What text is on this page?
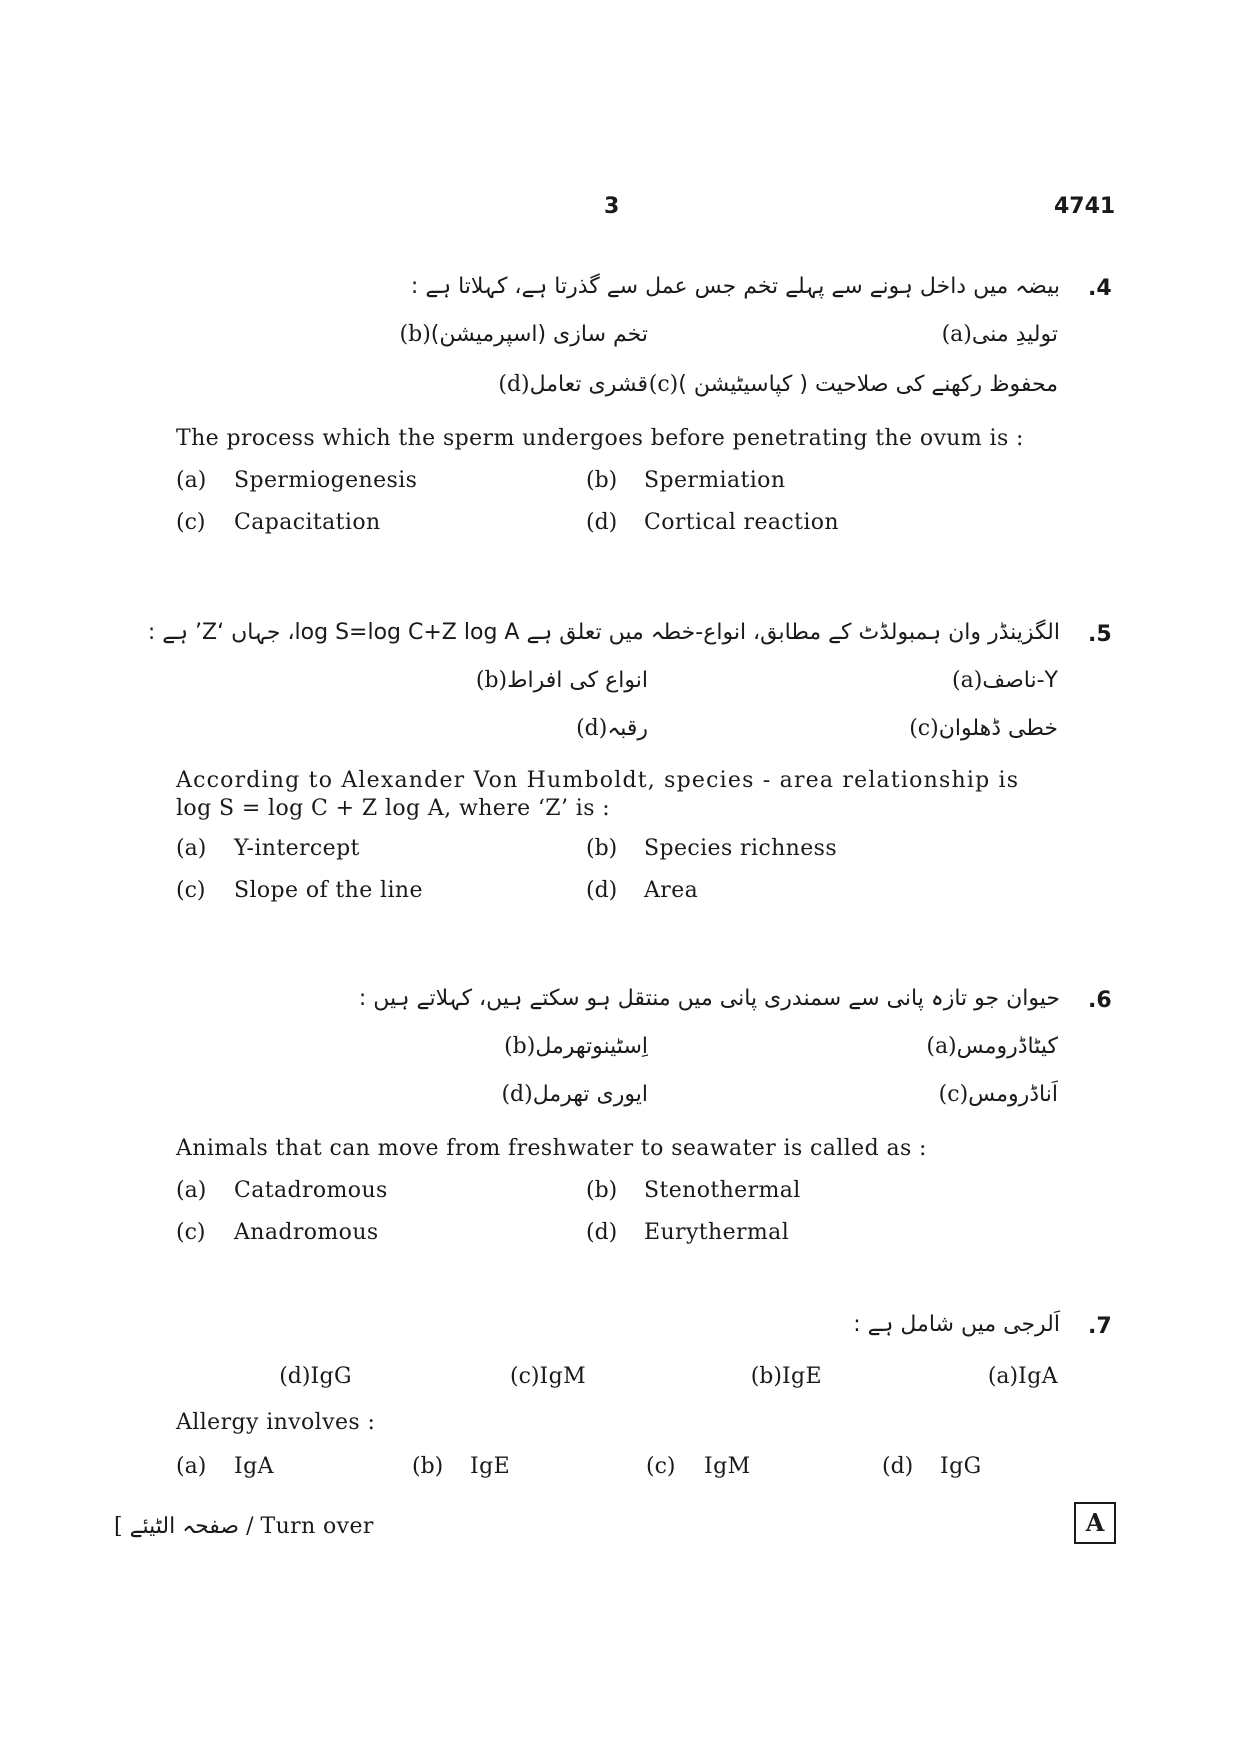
3	4741
.4
بیضہ میں داخل ہونے سے پہلے تخم جس عمل سے گذرتا ہے، کہلاتا ہے :
(a) تولیدِ منی
(b) تخم سازی (اسپرمیشن)
(c) محفوظ رکھنے کی صلاحیت ( کپاسیٹیشن )
(d) قشری تعامل
The process which the sperm undergoes before penetrating the ovum is :
(a) Spermiogenesis	(b) Spermiation
(c) Capacitation	(d) Cortical reaction
.5
الگزینڈر وان ہمبولڈٹ کے مطابق، انواع-خطہ میں تعلق ہے log S=log C+Z log A، جہاں ‘Z’ ہے :
(a) Y-ناصف
(b) انواع کی افراط
(c) خطی ڈھلوان
(d) رقبہ
According to Alexander Von Humboldt, species - area relationship is
log S = log C + Z log A, where ‘Z’ is :
(a) Y-intercept	(b) Species richness
(c) Slope of the line	(d) Area
.6
حیوان جو تازہ پانی سے سمندری پانی میں منتقل ہو سکتے ہیں، کہلاتے ہیں :
(a) کیٹاڈرومس
(b) اِسٹینوتھرمل
(c) اَناڈرومس
(d) ایوری تھرمل
Animals that can move from freshwater to seawater is called as :
(a) Catadromous	(b) Stenothermal
(c) Anadromous	(d) Eurythermal
.7
اَلرجی میں شامل ہے :
(a) IgA
(b) IgE
(c) IgM
(d) IgG
Allergy involves :
(a) IgA	(b) IgE	(c) IgM	(d) IgG
[ صفحہ الٹیئے / Turn over	A
